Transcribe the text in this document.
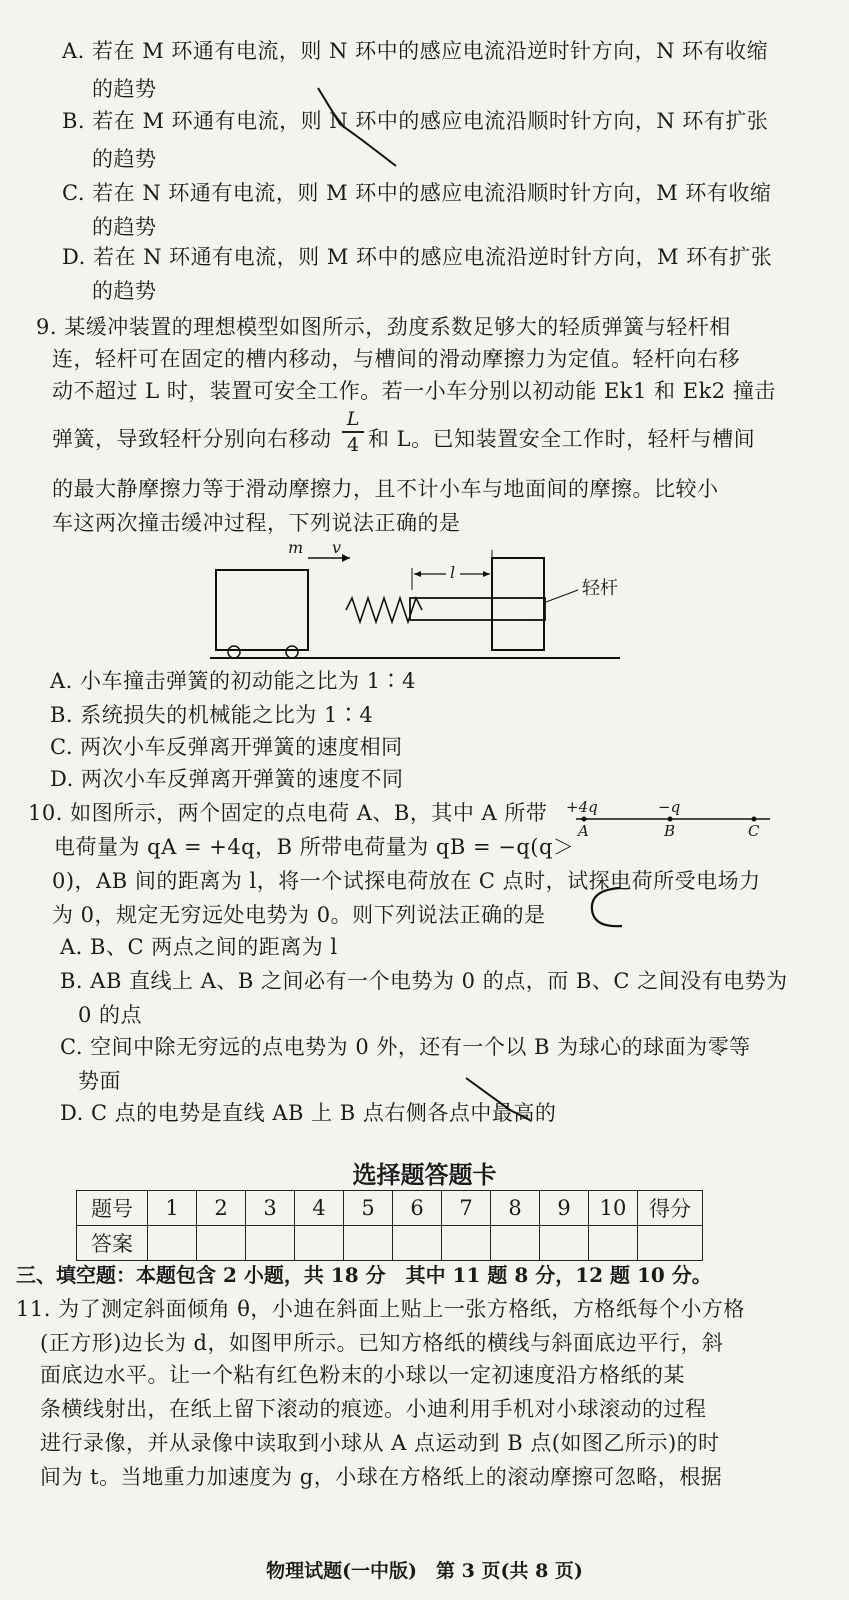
A. 若在 M 环通有电流，则 N 环中的感应电流沿逆时针方向，N 环有收缩
的趋势
B. 若在 M 环通有电流，则 N 环中的感应电流沿顺时针方向，N 环有扩张
的趋势
C. 若在 N 环通有电流，则 M 环中的感应电流沿顺时针方向，M 环有收缩
的趋势
D. 若在 N 环通有电流，则 M 环中的感应电流沿逆时针方向，M 环有扩张
的趋势
9. 某缓冲装置的理想模型如图所示，劲度系数足够大的轻质弹簧与轻杆相
连，轻杆可在固定的槽内移动，与槽间的滑动摩擦力为定值。轻杆向右移
动不超过 L 时，装置可安全工作。若一小车分别以初动能 Ek1 和 Ek2 撞击
弹簧，导致轻杆分别向右移动
L
4 和 L。已知装置安全工作时，轻杆与槽间
的最大静摩擦力等于滑动摩擦力，且不计小车与地面间的摩擦。比较小
车这两次撞击缓冲过程，下列说法正确的是
m v
l
轻杆
A. 小车撞击弹簧的初动能之比为 1∶4
B. 系统损失的机械能之比为 1∶4
C. 两次小车反弹离开弹簧的速度相同
D. 两次小车反弹离开弹簧的速度不同
10. 如图所示，两个固定的点电荷 A、B，其中 A 所带
电荷量为 qA = +4q，B 所带电荷量为 qB = −q(q＞
0)，AB 间的距离为 l，将一个试探电荷放在 C 点时，试探电荷所受电场力
为 0，规定无穷远处电势为 0。则下列说法正确的是
+4q	−q
A	B	C
A. B、C 两点之间的距离为 l
B. AB 直线上 A、B 之间必有一个电势为 0 的点，而 B、C 之间没有电势为
0 的点
C. 空间中除无穷远的点电势为 0 外，还有一个以 B 为球心的球面为零等
势面
D. C 点的电势是直线 AB 上 B 点右侧各点中最高的
选择题答题卡
题号	1	2	3	4	5	6	7	8	9	10	得分
答案											
三、填空题：本题包含 2 小题，共 18 分　其中 11 题 8 分，12 题 10 分。
11. 为了测定斜面倾角 θ，小迪在斜面上贴上一张方格纸，方格纸每个小方格
(正方形)边长为 d，如图甲所示。已知方格纸的横线与斜面底边平行，斜
面底边水平。让一个粘有红色粉末的小球以一定初速度沿方格纸的某
条横线射出，在纸上留下滚动的痕迹。小迪利用手机对小球滚动的过程
进行录像，并从录像中读取到小球从 A 点运动到 B 点(如图乙所示)的时
间为 t。当地重力加速度为 g，小球在方格纸上的滚动摩擦可忽略，根据
物理试题(一中版)　第 3 页(共 8 页)
